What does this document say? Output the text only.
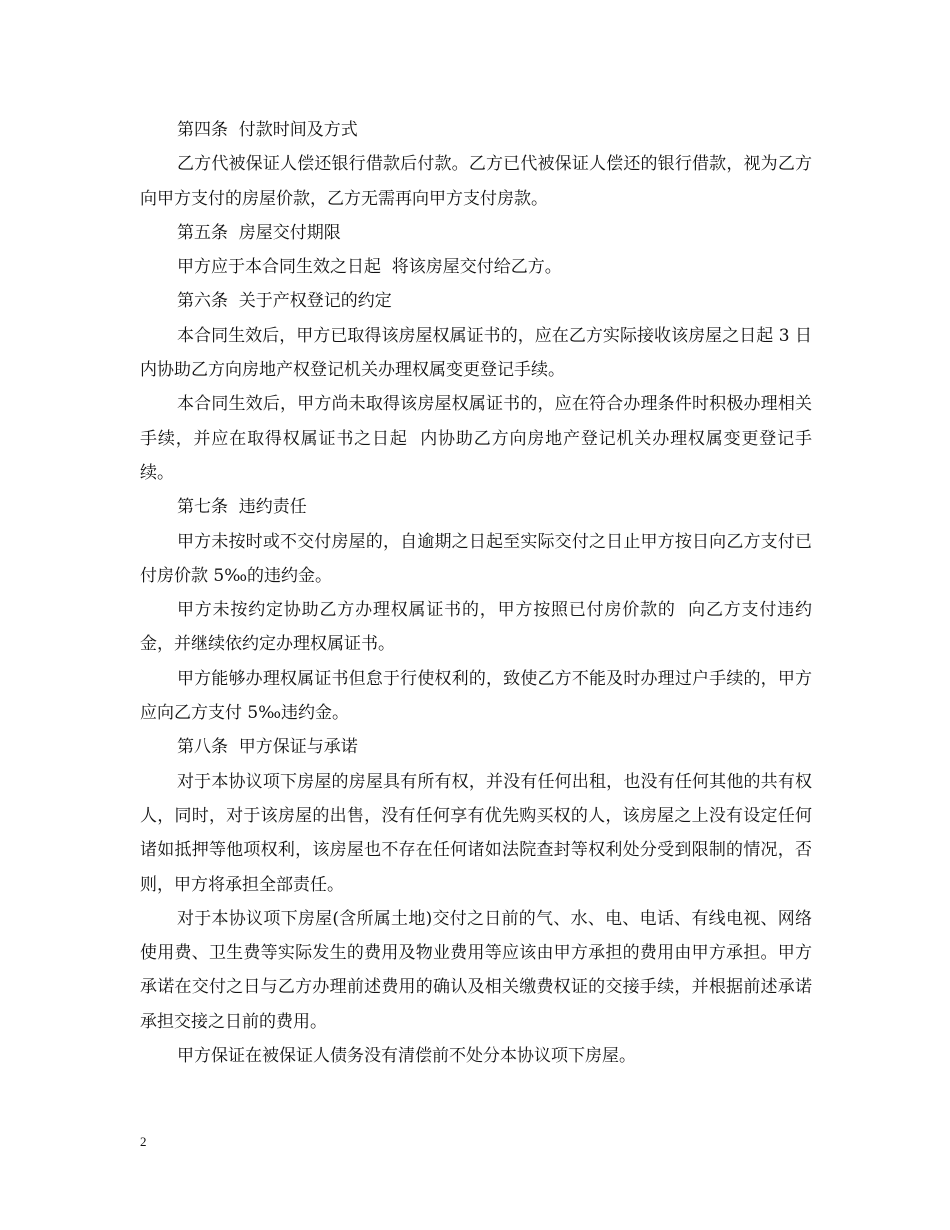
第四条  付款时间及方式

乙方代被保证人偿还银行借款后付款。乙方已代被保证人偿还的银行借款，视为乙方向甲方支付的房屋价款，乙方无需再向甲方支付房款。

第五条  房屋交付期限

甲方应于本合同生效之日起  将该房屋交付给乙方。

第六条  关于产权登记的约定

本合同生效后，甲方已取得该房屋权属证书的，应在乙方实际接收该房屋之日起 3 日内协助乙方向房地产权登记机关办理权属变更登记手续。

本合同生效后，甲方尚未取得该房屋权属证书的，应在符合办理条件时积极办理相关手续，并应在取得权属证书之日起  内协助乙方向房地产登记机关办理权属变更登记手续。

第七条  违约责任

甲方未按时或不交付房屋的，自逾期之日起至实际交付之日止甲方按日向乙方支付已付房价款 5‰的违约金。

甲方未按约定协助乙方办理权属证书的，甲方按照已付房价款的  向乙方支付违约金，并继续依约定办理权属证书。

甲方能够办理权属证书但怠于行使权利的，致使乙方不能及时办理过户手续的，甲方应向乙方支付 5‰违约金。

第八条  甲方保证与承诺

对于本协议项下房屋的房屋具有所有权，并没有任何出租，也没有任何其他的共有权人，同时，对于该房屋的出售，没有任何享有优先购买权的人，该房屋之上没有设定任何诸如抵押等他项权利，该房屋也不存在任何诸如法院查封等权利处分受到限制的情况，否则，甲方将承担全部责任。

对于本协议项下房屋(含所属土地)交付之日前的气、水、电、电话、有线电视、网络使用费、卫生费等实际发生的费用及物业费用等应该由甲方承担的费用由甲方承担。甲方承诺在交付之日与乙方办理前述费用的确认及相关缴费权证的交接手续，并根据前述承诺承担交接之日前的费用。

甲方保证在被保证人债务没有清偿前不处分本协议项下房屋。

2
